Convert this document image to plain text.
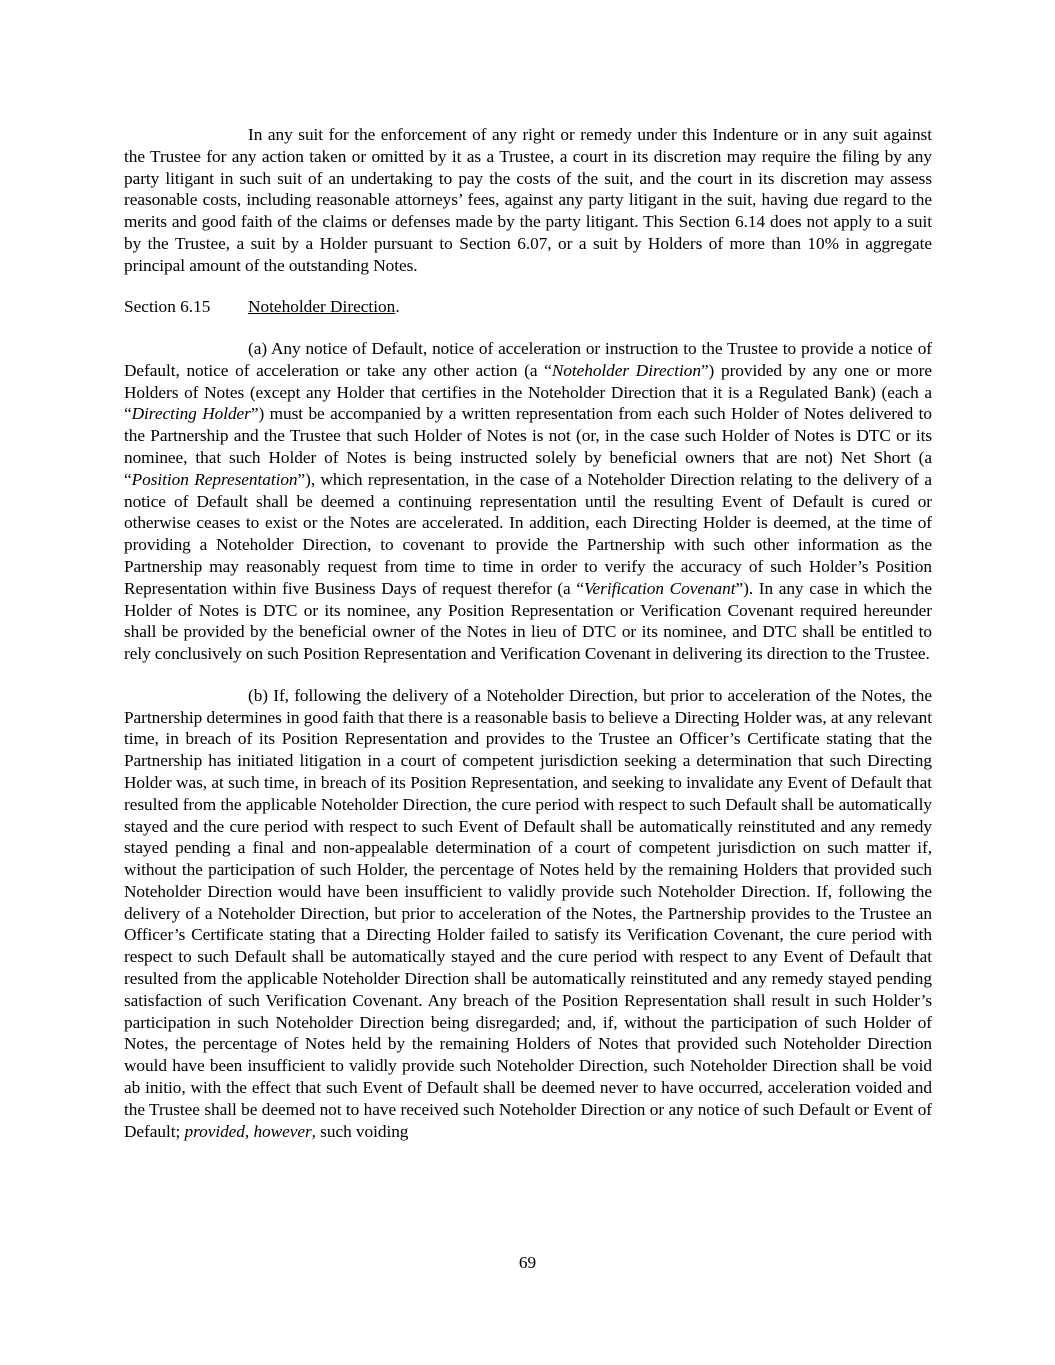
In any suit for the enforcement of any right or remedy under this Indenture or in any suit against the Trustee for any action taken or omitted by it as a Trustee, a court in its discretion may require the filing by any party litigant in such suit of an undertaking to pay the costs of the suit, and the court in its discretion may assess reasonable costs, including reasonable attorneys’ fees, against any party litigant in the suit, having due regard to the merits and good faith of the claims or defenses made by the party litigant. This Section 6.14 does not apply to a suit by the Trustee, a suit by a Holder pursuant to Section 6.07, or a suit by Holders of more than 10% in aggregate principal amount of the outstanding Notes.

Section 6.15 Noteholder Direction.

(a) Any notice of Default, notice of acceleration or instruction to the Trustee to provide a notice of Default, notice of acceleration or take any other action (a “Noteholder Direction”) provided by any one or more Holders of Notes (except any Holder that certifies in the Noteholder Direction that it is a Regulated Bank) (each a “Directing Holder”) must be accompanied by a written representation from each such Holder of Notes delivered to the Partnership and the Trustee that such Holder of Notes is not (or, in the case such Holder of Notes is DTC or its nominee, that such Holder of Notes is being instructed solely by beneficial owners that are not) Net Short (a “Position Representation”), which representation, in the case of a Noteholder Direction relating to the delivery of a notice of Default shall be deemed a continuing representation until the resulting Event of Default is cured or otherwise ceases to exist or the Notes are accelerated. In addition, each Directing Holder is deemed, at the time of providing a Noteholder Direction, to covenant to provide the Partnership with such other information as the Partnership may reasonably request from time to time in order to verify the accuracy of such Holder’s Position Representation within five Business Days of request therefor (a “Verification Covenant”). In any case in which the Holder of Notes is DTC or its nominee, any Position Representation or Verification Covenant required hereunder shall be provided by the beneficial owner of the Notes in lieu of DTC or its nominee, and DTC shall be entitled to rely conclusively on such Position Representation and Verification Covenant in delivering its direction to the Trustee.

(b) If, following the delivery of a Noteholder Direction, but prior to acceleration of the Notes, the Partnership determines in good faith that there is a reasonable basis to believe a Directing Holder was, at any relevant time, in breach of its Position Representation and provides to the Trustee an Officer’s Certificate stating that the Partnership has initiated litigation in a court of competent jurisdiction seeking a determination that such Directing Holder was, at such time, in breach of its Position Representation, and seeking to invalidate any Event of Default that resulted from the applicable Noteholder Direction, the cure period with respect to such Default shall be automatically stayed and the cure period with respect to such Event of Default shall be automatically reinstituted and any remedy stayed pending a final and non-appealable determination of a court of competent jurisdiction on such matter if, without the participation of such Holder, the percentage of Notes held by the remaining Holders that provided such Noteholder Direction would have been insufficient to validly provide such Noteholder Direction. If, following the delivery of a Noteholder Direction, but prior to acceleration of the Notes, the Partnership provides to the Trustee an Officer’s Certificate stating that a Directing Holder failed to satisfy its Verification Covenant, the cure period with respect to such Default shall be automatically stayed and the cure period with respect to any Event of Default that resulted from the applicable Noteholder Direction shall be automatically reinstituted and any remedy stayed pending satisfaction of such Verification Covenant. Any breach of the Position Representation shall result in such Holder’s participation in such Noteholder Direction being disregarded; and, if, without the participation of such Holder of Notes, the percentage of Notes held by the remaining Holders of Notes that provided such Noteholder Direction would have been insufficient to validly provide such Noteholder Direction, such Noteholder Direction shall be void ab initio, with the effect that such Event of Default shall be deemed never to have occurred, acceleration voided and the Trustee shall be deemed not to have received such Noteholder Direction or any notice of such Default or Event of Default; provided, however, such voiding

69
